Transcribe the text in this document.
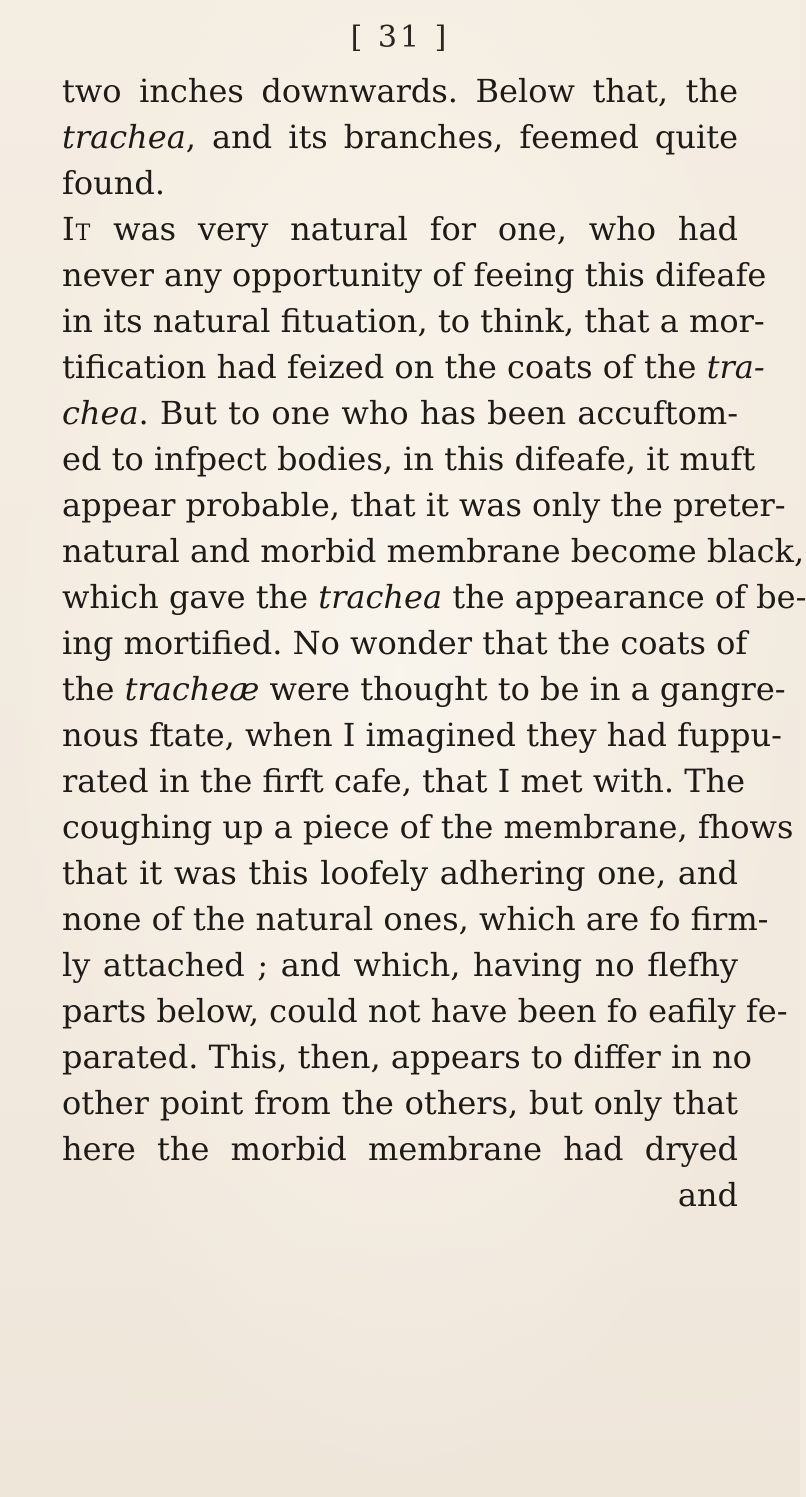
[ 31 ]
two inches downwards. Below that, the
trachea, and its branches, feemed quite
found.
It was very natural for one, who had
never any opportunity of feeing this difeafe
in its natural fituation, to think, that a mor-
tification had feized on the coats of the tra-
chea. But to one who has been accuftom-
ed to infpect bodies, in this difeafe, it muft
appear probable, that it was only the preter-
natural and morbid membrane become black,
which gave the trachea the appearance of be-
ing mortified. No wonder that the coats of
the tracheæ were thought to be in a gangre-
nous ftate, when I imagined they had fuppu-
rated in the firft cafe, that I met with. The
coughing up a piece of the membrane, fhows
that it was this loofely adhering one, and
none of the natural ones, which are fo firm-
ly attached ; and which, having no flefhy
parts below, could not have been fo eafily fe-
parated. This, then, appears to differ in no
other point from the others, but only that
here the morbid membrane had dryed
and
